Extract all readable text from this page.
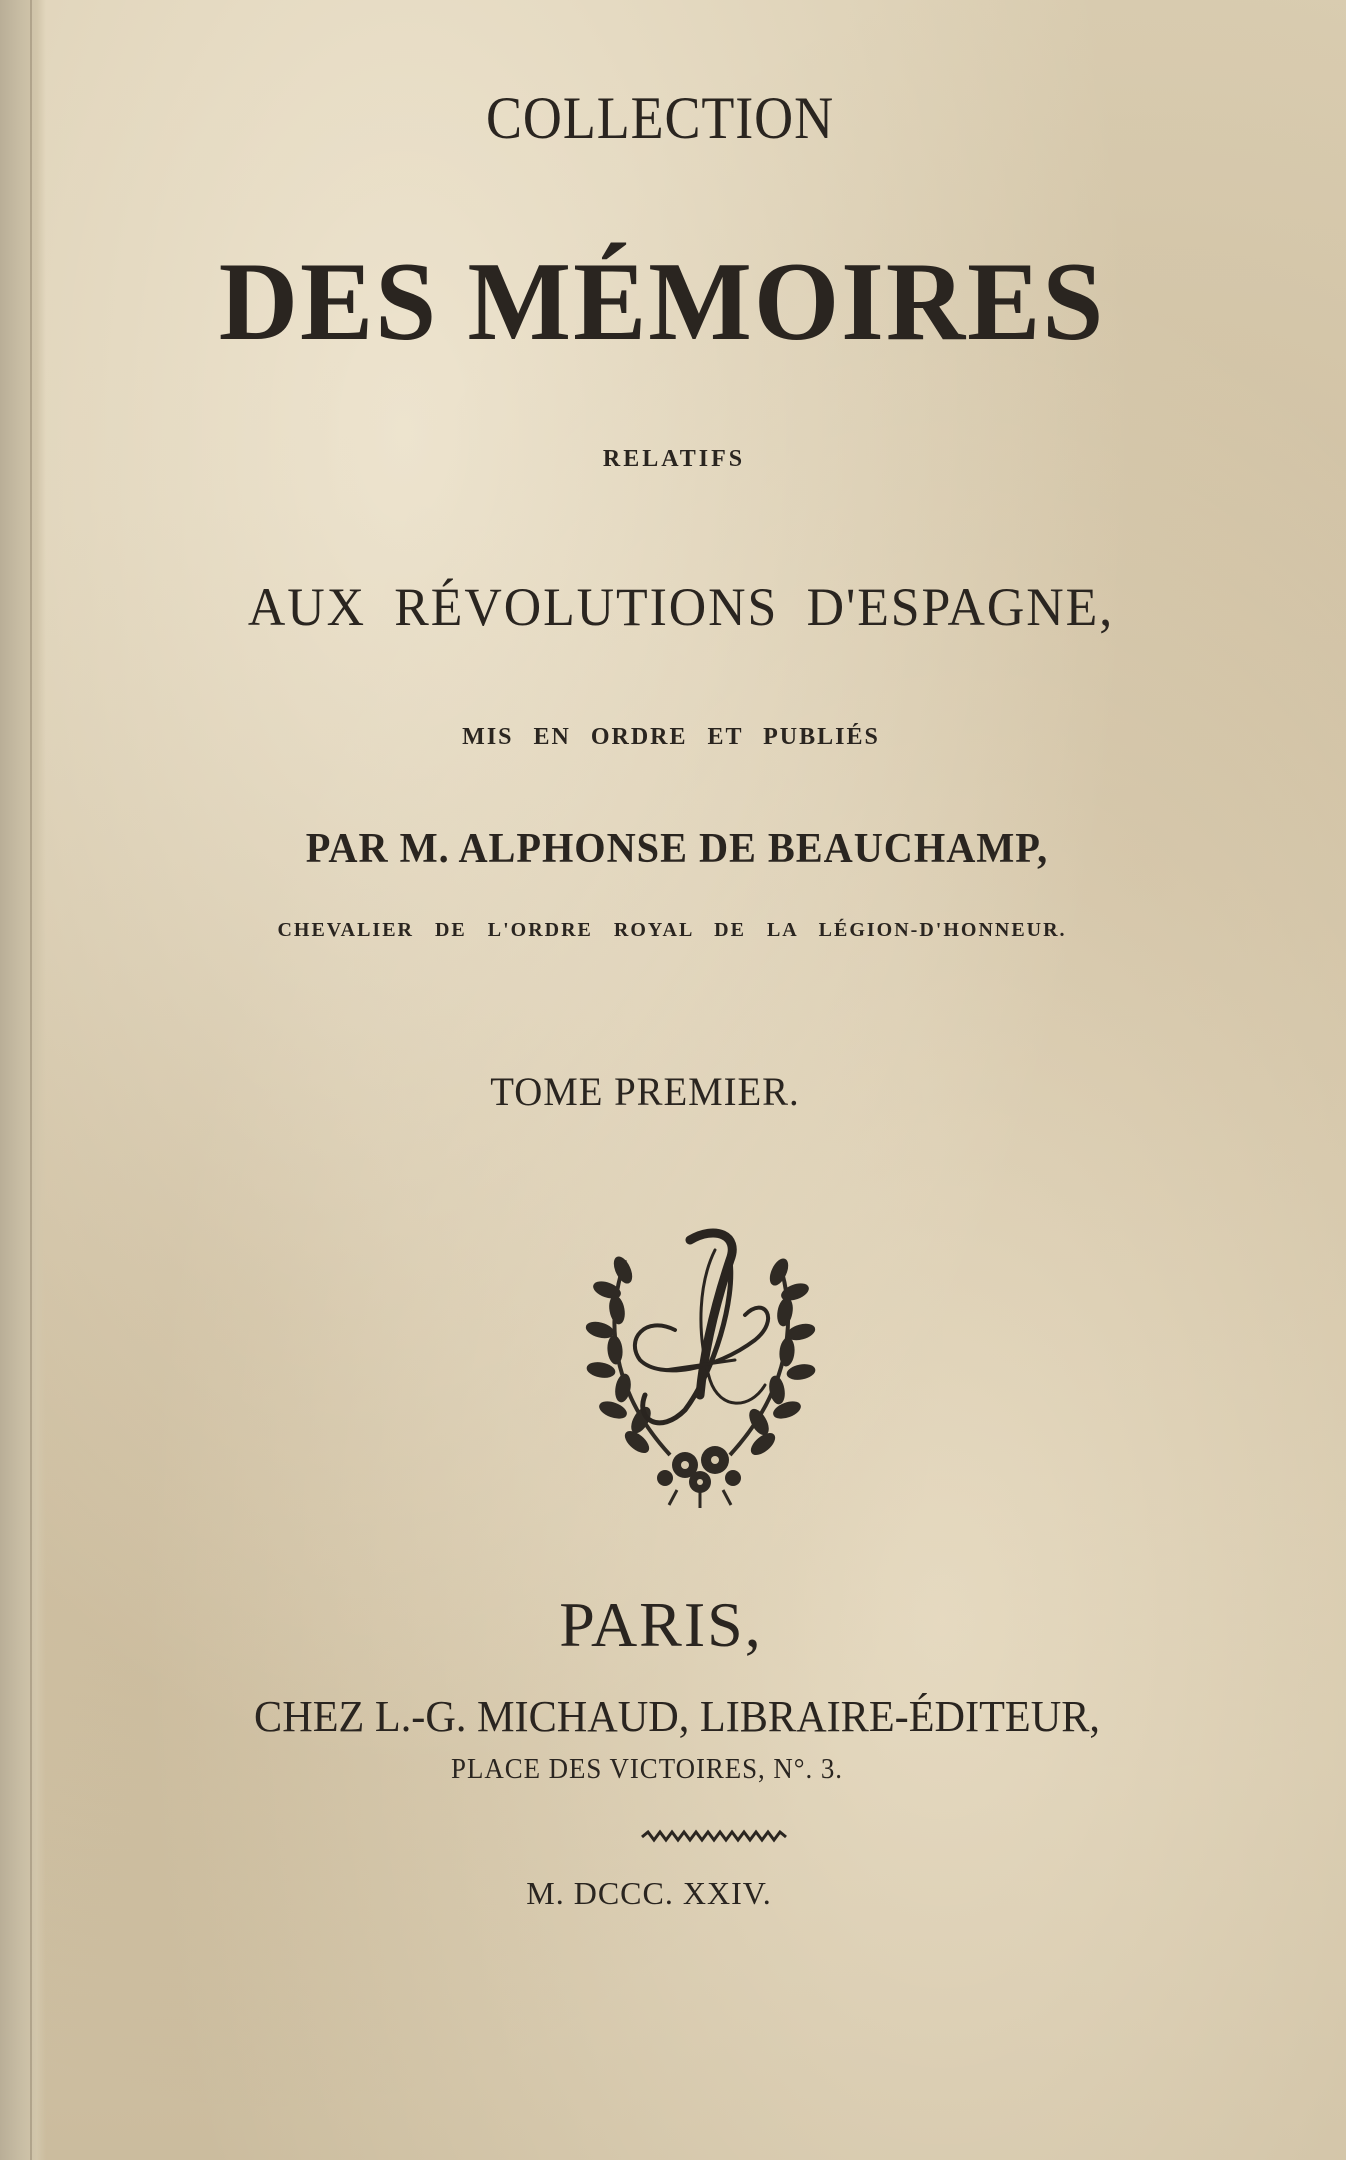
COLLECTION
DES MÉMOIRES
RELATIFS
AUX RÉVOLUTIONS D'ESPAGNE,
MIS EN ORDRE ET PUBLIÉS
PAR M. ALPHONSE DE BEAUCHAMP,
CHEVALIER DE L'ORDRE ROYAL DE LA LÉGION-D'HONNEUR.
TOME PREMIER.
PARIS,
CHEZ L.-G. MICHAUD, LIBRAIRE-ÉDITEUR,
PLACE DES VICTOIRES, N°. 3.
M. DCCC. XXIV.
